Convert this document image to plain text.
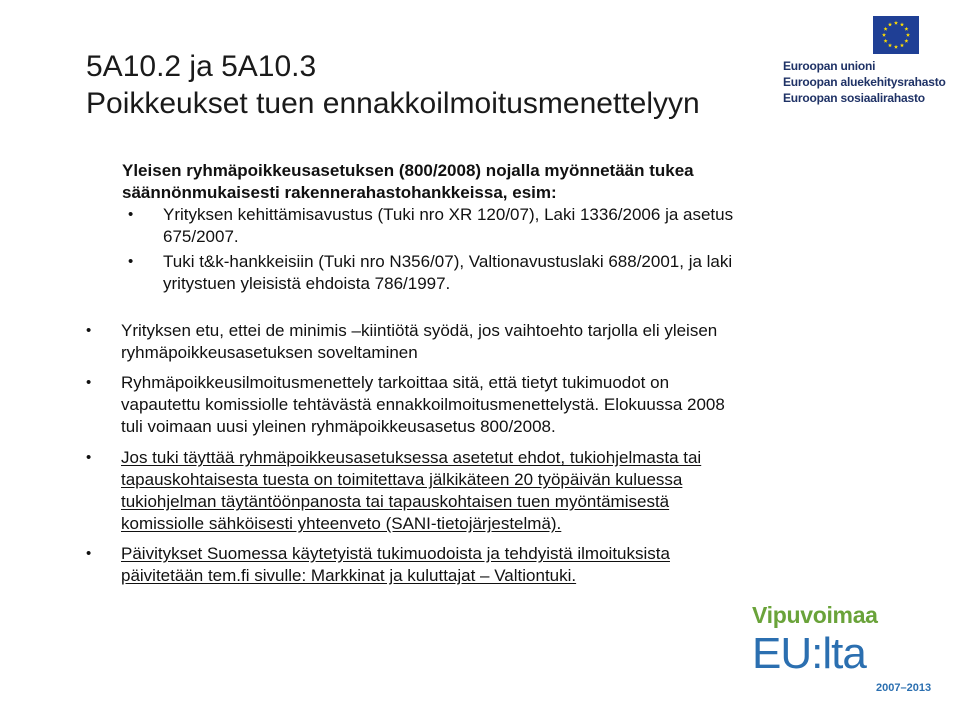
5A10.2 ja 5A10.3
Poikkeukset tuen ennakkoilmoitusmenettelyyn
Euroopan unioni
Euroopan aluekehitysrahasto
Euroopan sosiaalirahasto
Yleisen ryhmäpoikkeusasetuksen (800/2008) nojalla myönnetään tukea
säännönmukaisesti rakennerahastohankkeissa, esim:
• Yrityksen kehittämisavustus (Tuki nro XR 120/07), Laki 1336/2006 ja asetus
675/2007.
• Tuki t&k-hankkeisiin (Tuki nro N356/07), Valtionavustuslaki 688/2001, ja laki
yritystuen yleisistä ehdoista 786/1997.
• Yrityksen etu, ettei de minimis –kiintiötä syödä, jos vaihtoehto tarjolla eli yleisen
ryhmäpoikkeusasetuksen soveltaminen
• Ryhmäpoikkeusilmoitusmenettely tarkoittaa sitä, että tietyt tukimuodot on
vapautettu komissiolle tehtävästä ennakkoilmoitusmenettelystä. Elokuussa 2008
tuli voimaan uusi yleinen ryhmäpoikkeusasetus 800/2008.
• Jos tuki täyttää ryhmäpoikkeusasetuksessa asetetut ehdot, tukiohjelmasta tai
tapauskohtaisesta tuesta on toimitettava jälkikäteen 20 työpäivän kuluessa
tukiohjelman täytäntöönpanosta tai tapauskohtaisen tuen myöntämisestä
komissiolle sähköisesti yhteenveto (SANI-tietojärjestelmä).
• Päivitykset Suomessa käytetyistä tukimuodoista ja tehdyistä ilmoituksista
päivitetään tem.fi sivulle: Markkinat ja kuluttajat – Valtiontuki.
Vipuvoimaa
EU:lta
2007–2013
